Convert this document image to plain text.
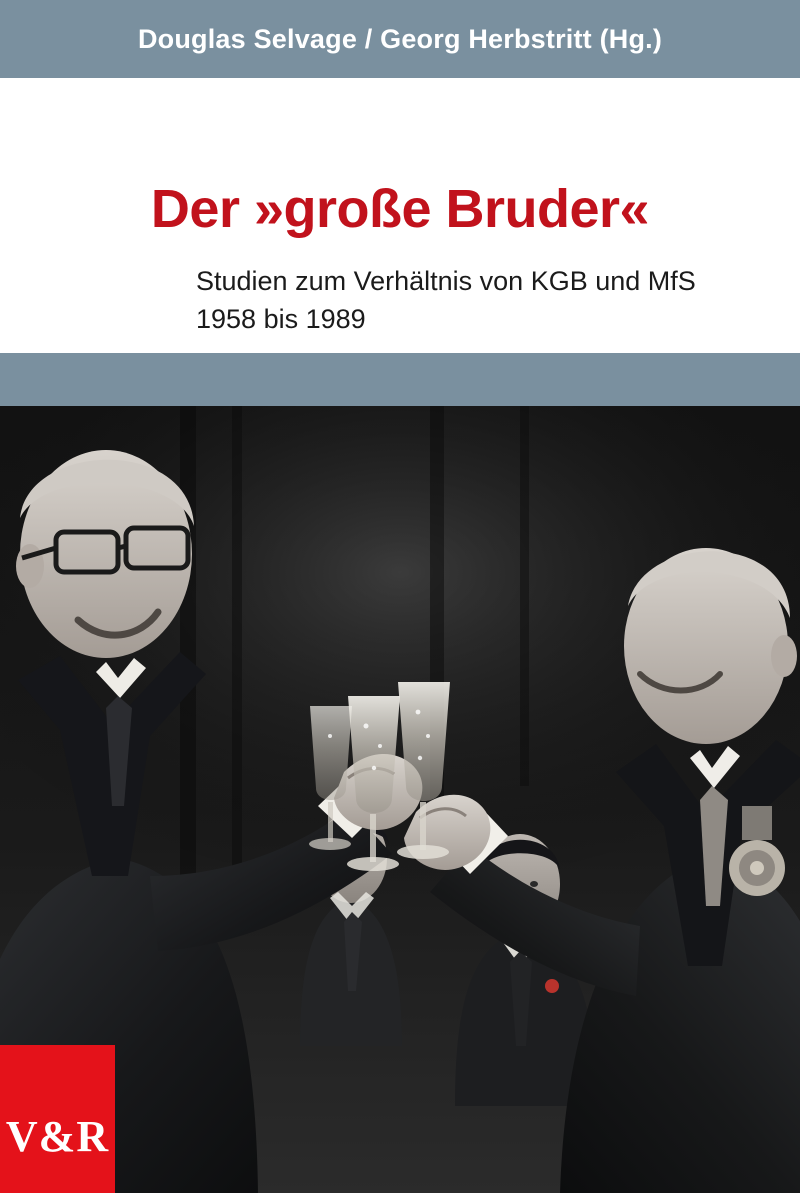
Douglas Selvage / Georg Herbstritt (Hg.)
Der »große Bruder«
Studien zum Verhältnis von KGB und MfS
1958 bis 1989
V&R
